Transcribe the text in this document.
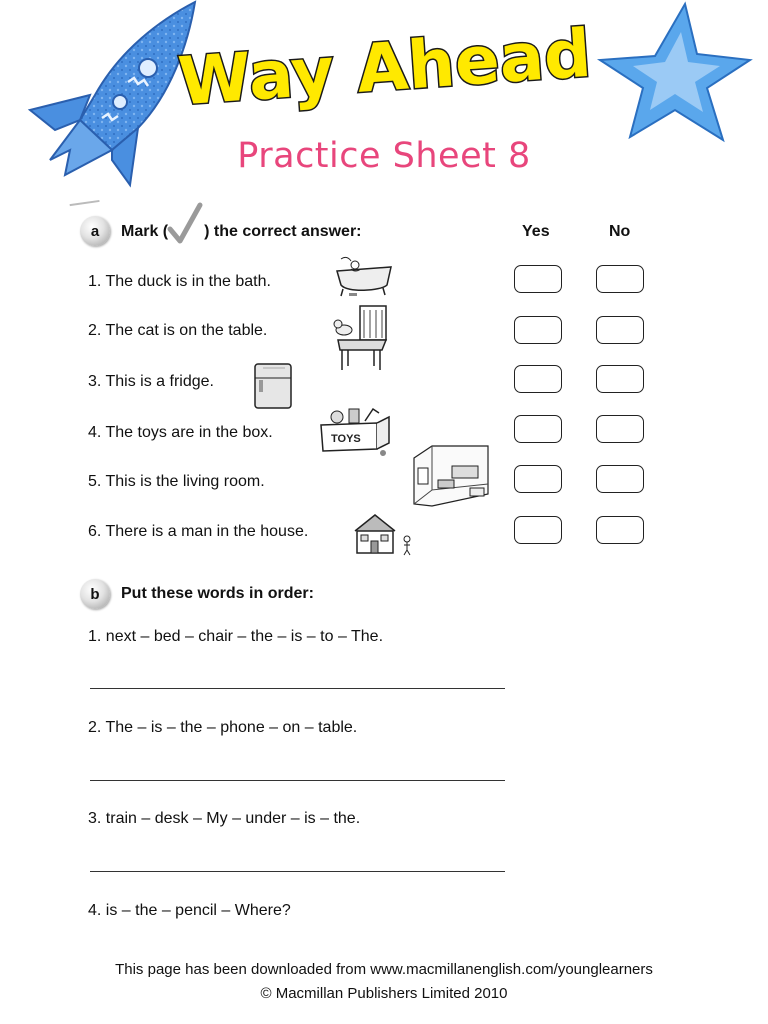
Way Ahead
Practice Sheet 8
a	Mark ( ) the correct answer:	Yes	No
1. The duck is in the bath.
2. The cat is on the table.
3. This is a fridge.
4. The toys are in the box.	TOYS
5. This is the living room.
6. There is a man in the house.
b	Put these words in order:
1. next – bed – chair – the – is – to – The.
2. The – is – the – phone – on – table.
3. train – desk – My – under – is – the.
4. is – the – pencil – Where?
This page has been downloaded from www.macmillanenglish.com/younglearners
© Macmillan Publishers Limited 2010
